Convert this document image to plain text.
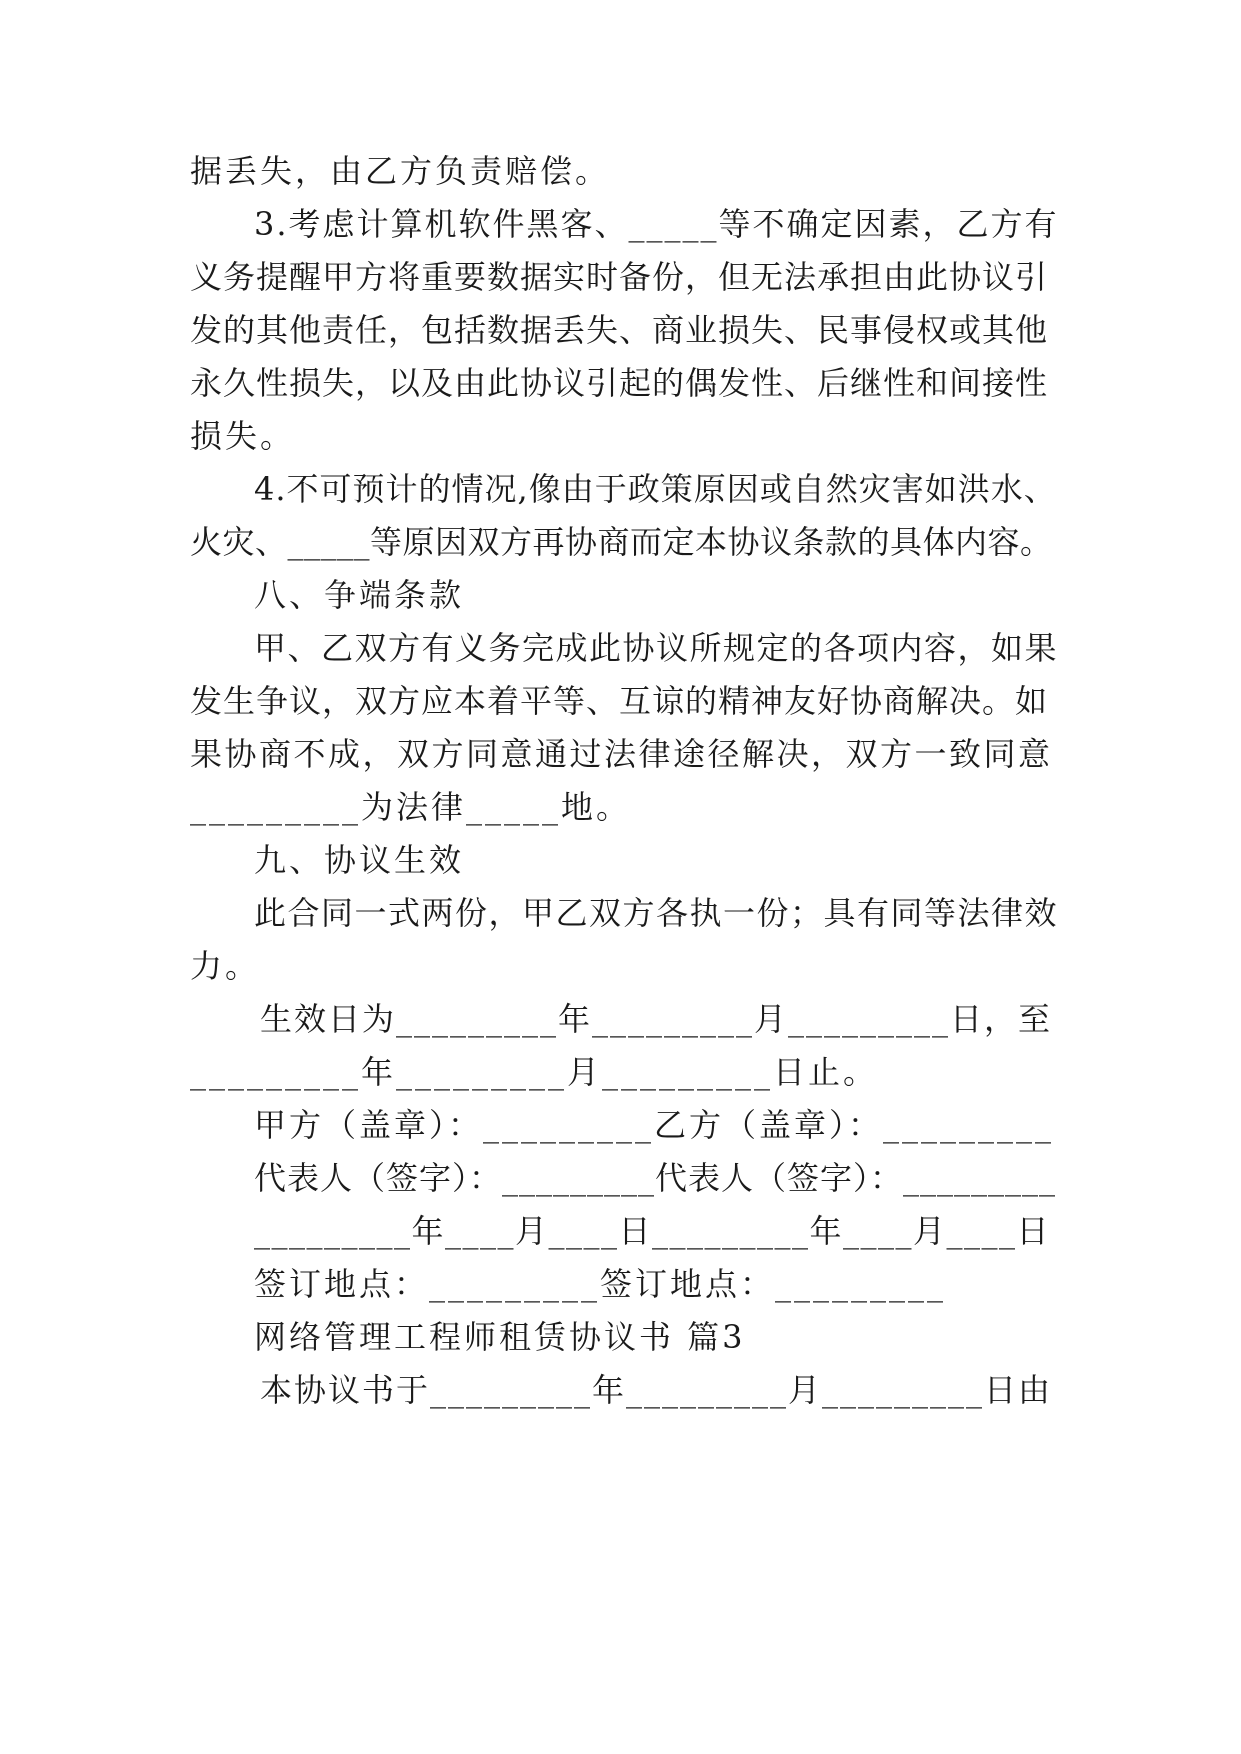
据丢失，由乙方负责赔偿。
3.考虑计算机软件黑客、_____等不确定因素，乙方有
义务提醒甲方将重要数据实时备份，但无法承担由此协议引
发的其他责任，包括数据丢失、商业损失、民事侵权或其他
永久性损失，以及由此协议引起的偶发性、后继性和间接性
损失。
4.不可预计的情况,像由于政策原因或自然灾害如洪水、
火灾、_____等原因双方再协商而定本协议条款的具体内容。
八、争端条款
甲、乙双方有义务完成此协议所规定的各项内容，如果
发生争议，双方应本着平等、互谅的精神友好协商解决。如
果协商不成，双方同意通过法律途径解决，双方一致同意
_________为法律_____地。
九、协议生效
此合同一式两份，甲乙双方各执一份；具有同等法律效
力。
生效日为_________年_________月_________日，至
_________年_________月_________日止。
甲方（盖章）：_________乙方（盖章）：_________
代表人（签字）：_________代表人（签字）：_________
_________年____月____日_________年____月____日
签订地点：_________签订地点：_________
网络管理工程师租赁协议书 篇3
本协议书于_________年_________月_________日由
